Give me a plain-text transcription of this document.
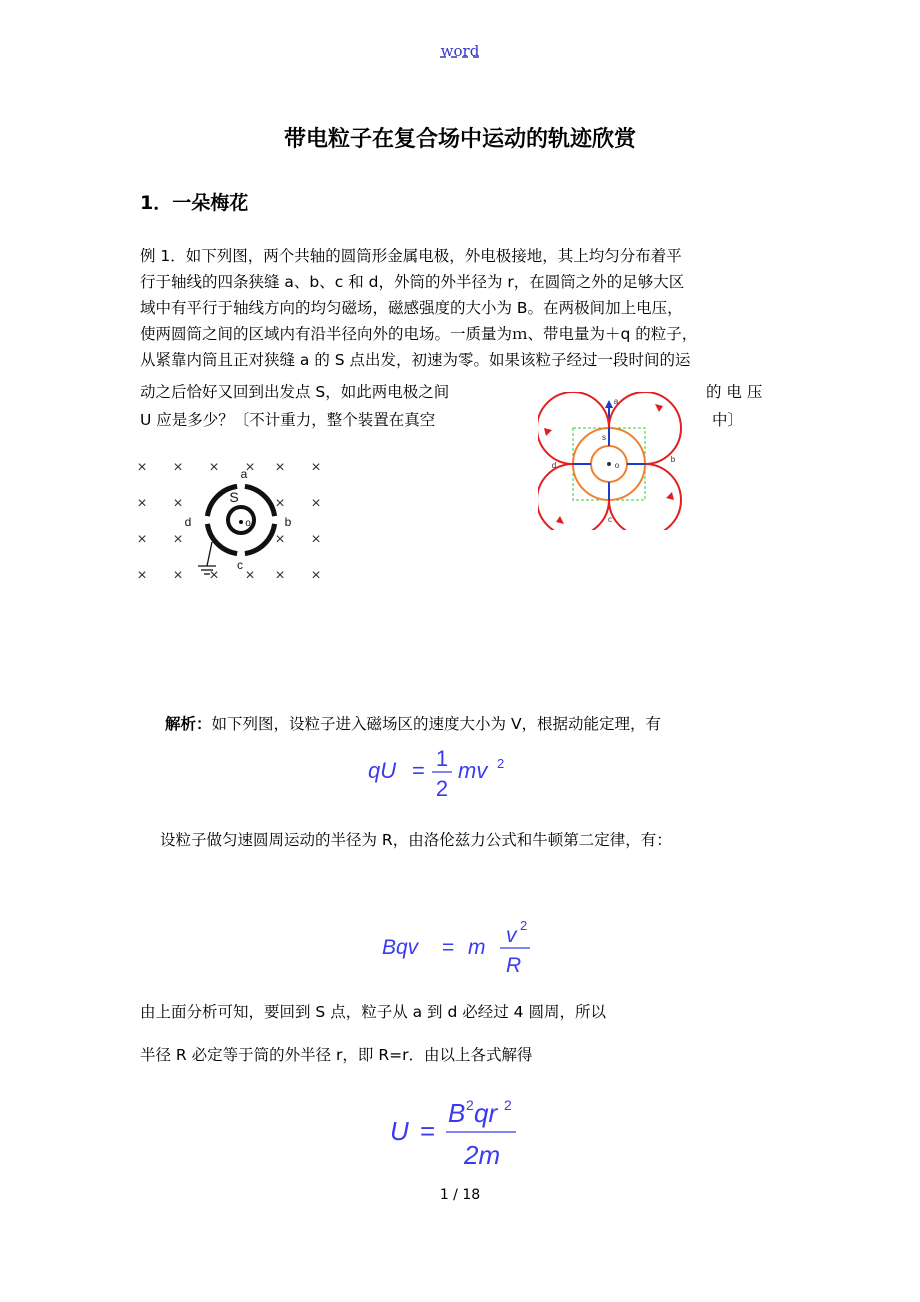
word
带电粒子在复合场中运动的轨迹欣赏
1．一朵梅花
例 1．如下列图，两个共轴的圆筒形金属电极，外电极接地，其上均匀分布着平
行于轴线的四条狭缝 a、b、c 和 d，外筒的外半径为 r，在圆筒之外的足够大区
域中有平行于轴线方向的均匀磁场，磁感强度的大小为 B。在两极间加上电压，
使两圆筒之间的区域内有沿半径向外的电场。一质量为ｍ、带电量为＋q 的粒子，
从紧靠内筒且正对狭缝 a 的 S 点出发，初速为零。如果该粒子经过一段时间的运
动之后恰好又回到出发点 S，如此两电极之间	的 电 压
U 应是多少？〔不计重力，整个装置在真空	中〕
× × × × × ×
× ×	× ×
× ×	× ×
× × × × × ×
a
b
c
d
S
o
a
b
c
d
s
o
解析：如下列图，设粒子进入磁场区的速度大小为 V，根据动能定理，有
qU = 1
2
mv 2
设粒子做匀速圆周运动的半径为 R，由洛伦兹力公式和牛顿第二定律，有：
Bqv = m
v 2
R
由上面分析可知，要回到 S 点，粒子从 a 到 d 必经过 4 圆周，所以
半径 R 必定等于筒的外半径 r，即 R=r．由以上各式解得
U =
B 2 qr 2
2m
1 / 18
